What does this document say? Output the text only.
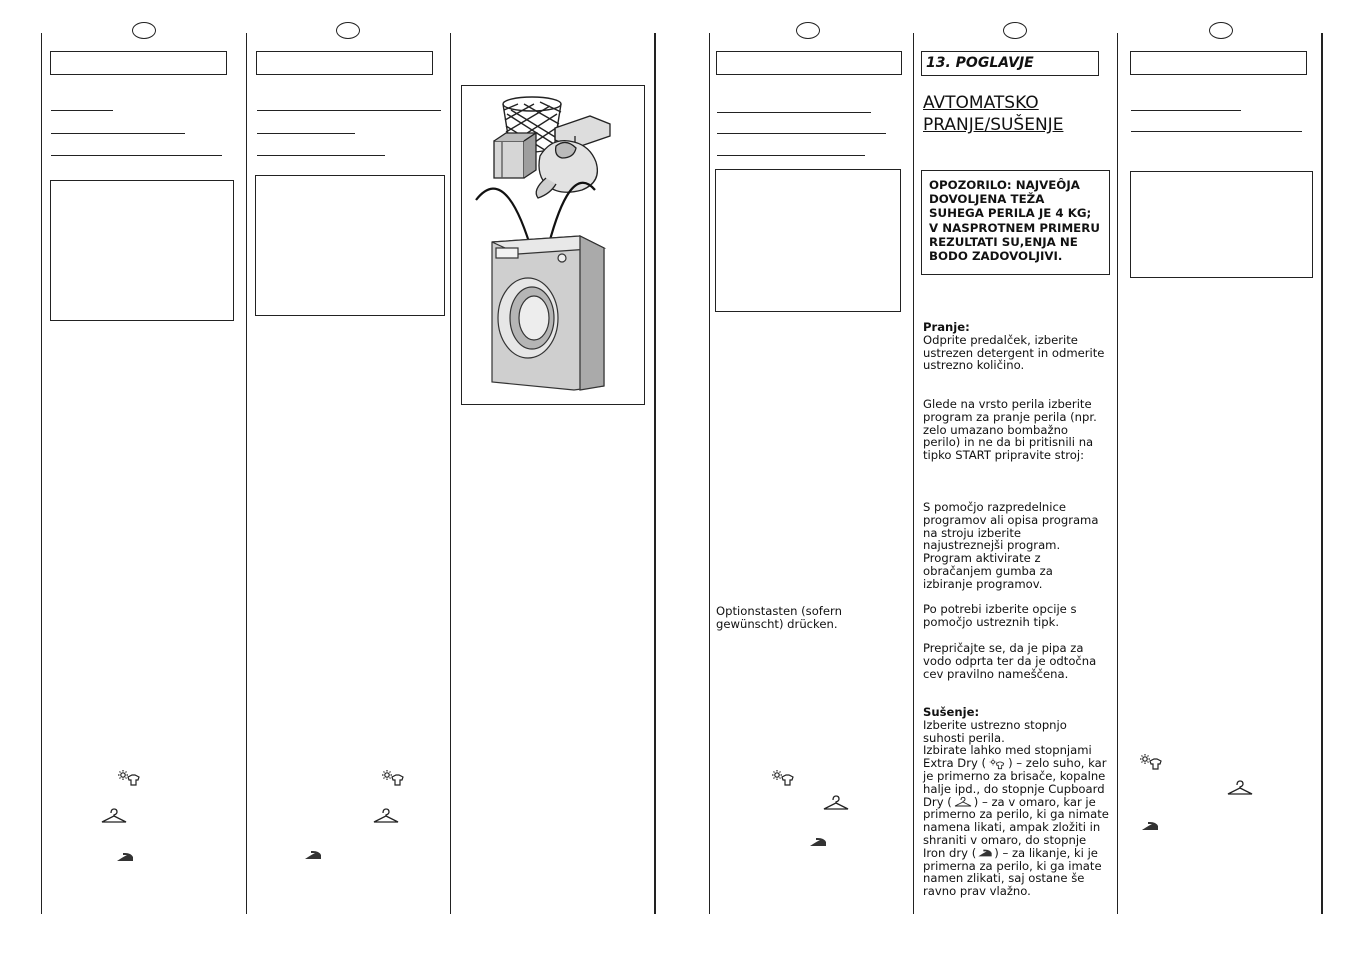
Optionstasten (sofern gewünscht) drücken.
13. POGLAVJE
AVTOMATSKO
PRANJE/SUŠENJE
OPOZORILO: NAJVEÔJA DOVOLJENA TEŽA SUHEGA PERILA JE 4 KG; V NASPROTNEM PRIMERU REZULTATI SU,ENJA NE BODO ZADOVOLJIVI.
Pranje:
Odprite predalček, izberite ustrezen detergent in odmerite ustrezno količino.
Glede na vrsto perila izberite program za pranje perila (npr. zelo umazano bombažno perilo) in ne da bi pritisnili na tipko START pripravite stroj:
S pomočjo razpredelnice programov ali opisa programa na stroju izberite najustreznejši program. Program aktivirate z obračanjem gumba za izbiranje programov.
Po potrebi izberite opcije s pomočjo ustreznih tipk.
Prepričajte se, da je pipa za vodo odprta ter da je odtočna cev pravilno nameščena.
Sušenje:
Izberite ustrezno stopnjo suhosti perila.
Izbirate lahko med stopnjami Extra Dry ( ) – zelo suho, kar je primerno za brisače, kopalne halje ipd., do stopnje Cupboard Dry ( ) – za v omaro, kar je primerno za perilo, ki ga nimate namena likati, ampak zložiti in shraniti v omaro, do stopnje Iron dry ( ) – za likanje, ki je primerna za perilo, ki ga imate namen zlikati, saj ostane še ravno prav vlažno.
